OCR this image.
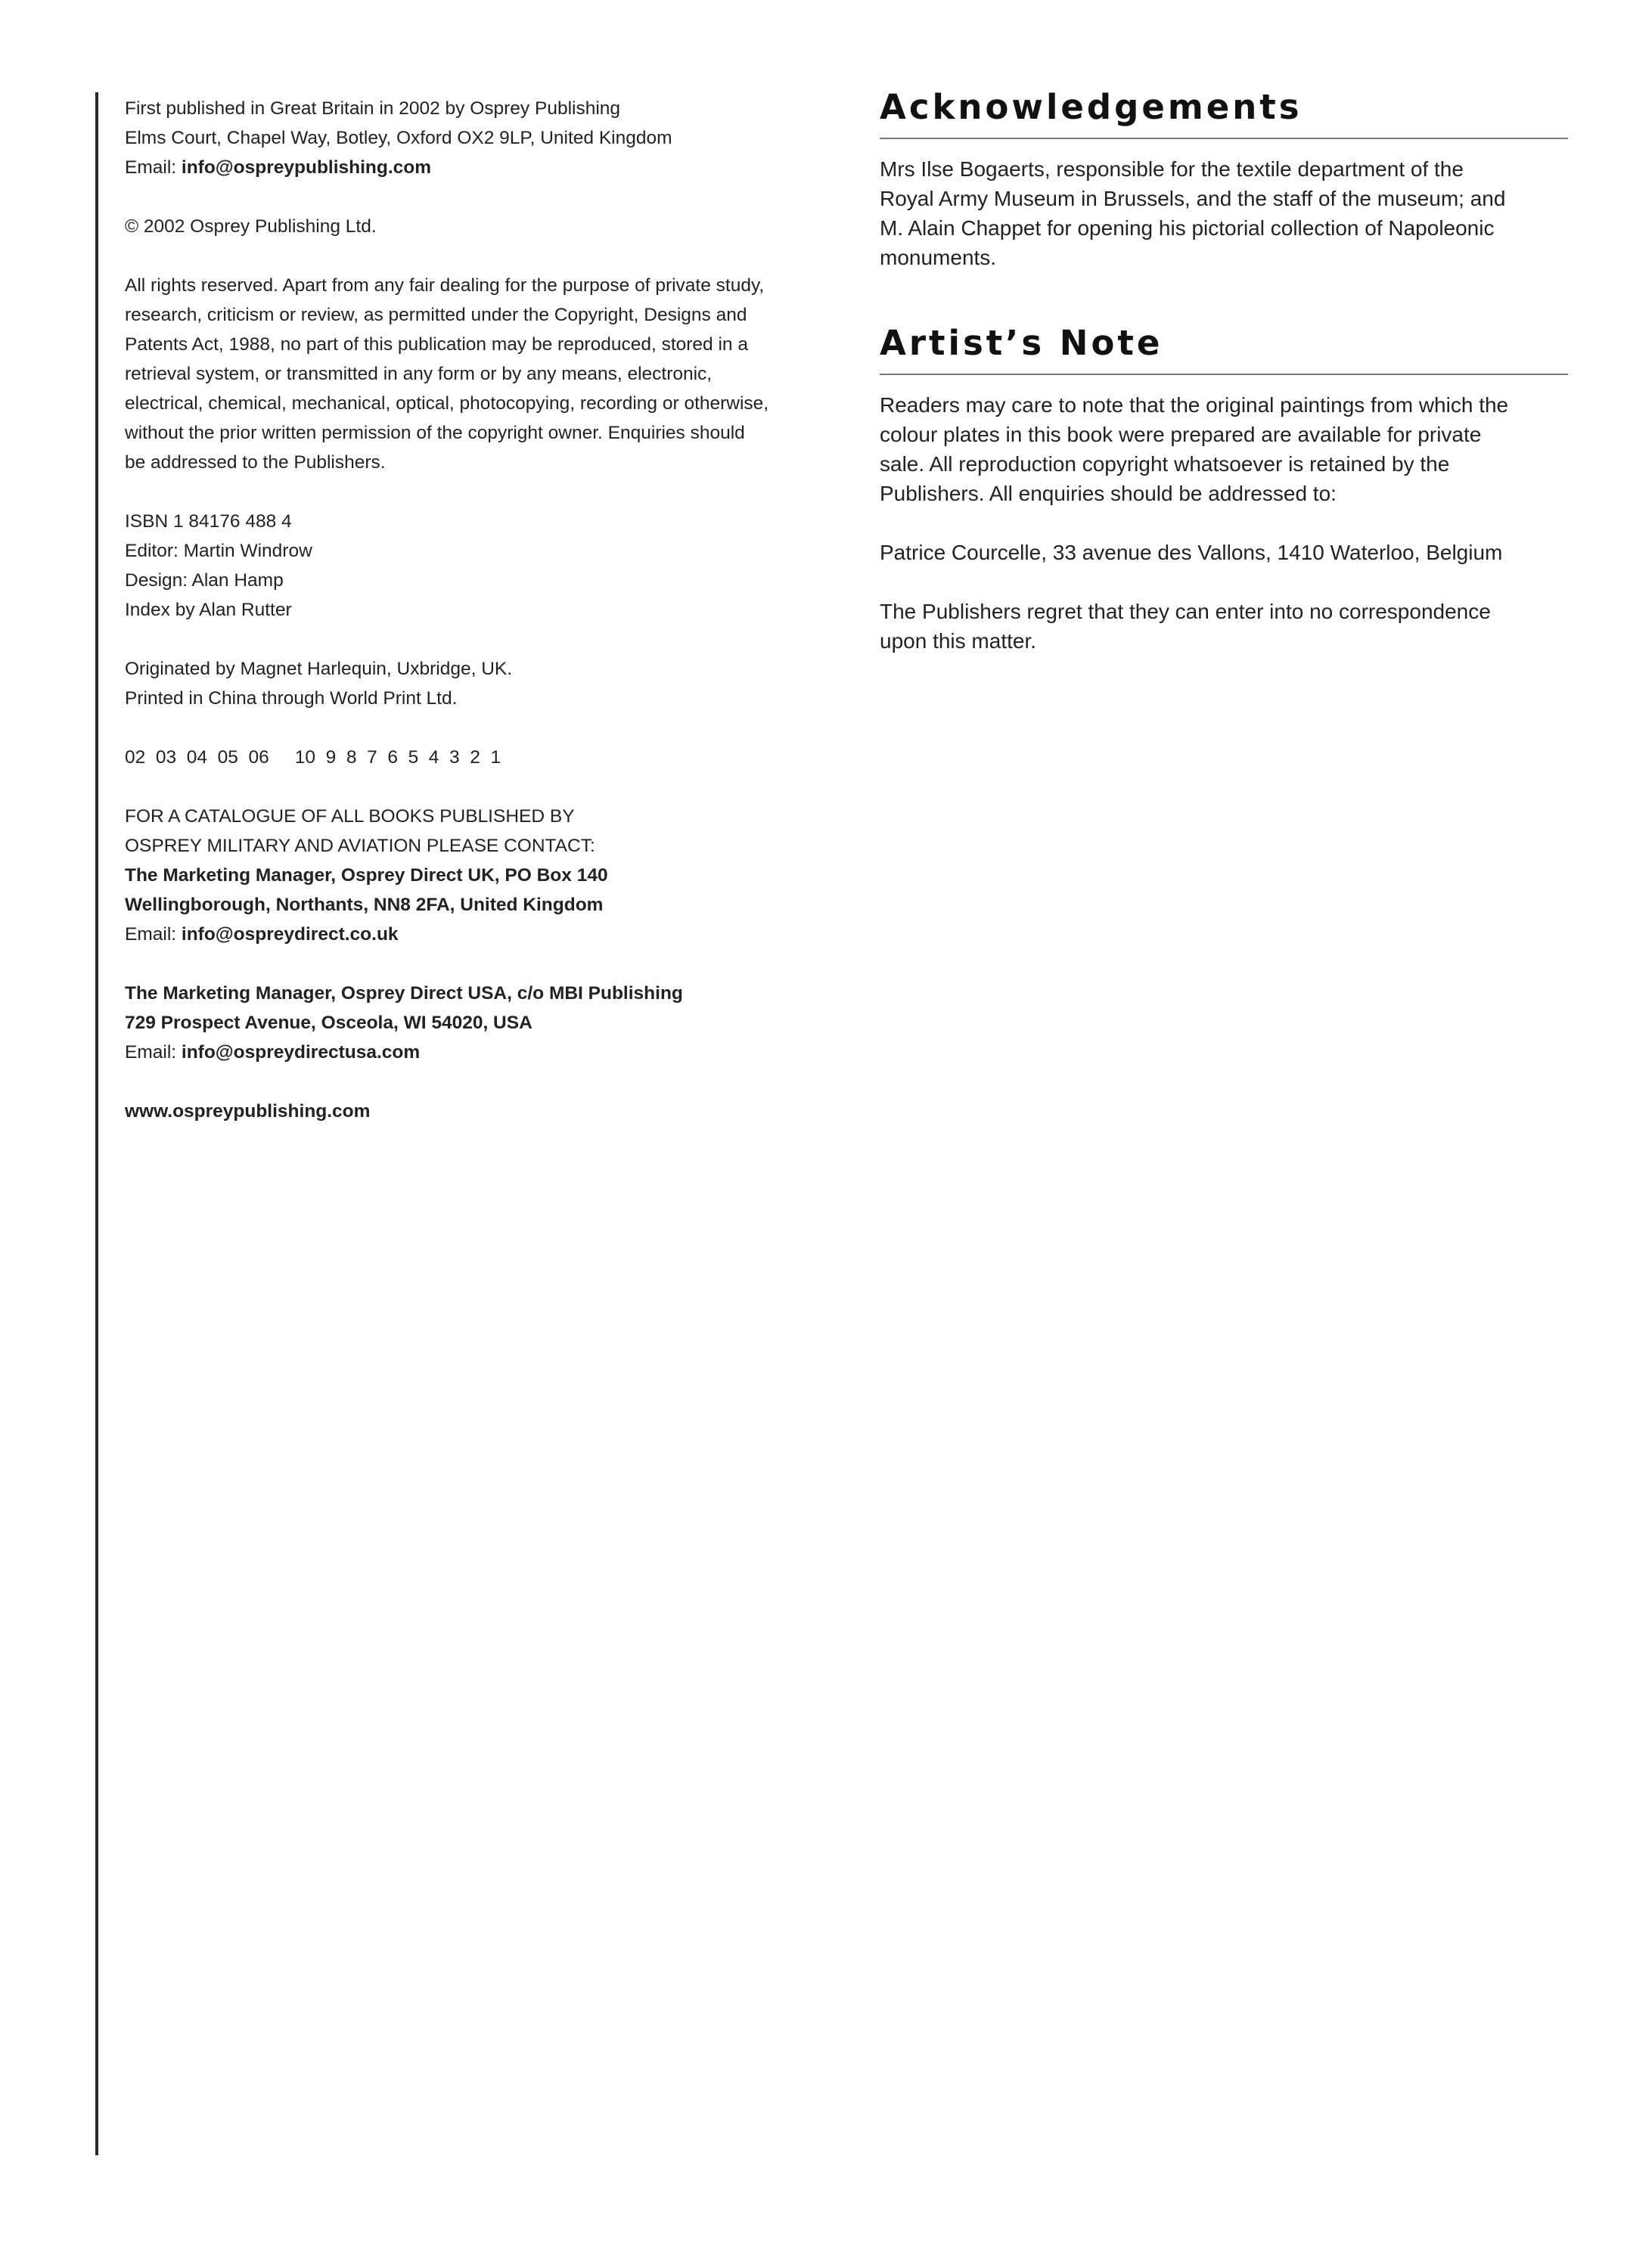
First published in Great Britain in 2002 by Osprey Publishing
Elms Court, Chapel Way, Botley, Oxford OX2 9LP, United Kingdom
Email: info@ospreypublishing.com

© 2002 Osprey Publishing Ltd.

All rights reserved. Apart from any fair dealing for the purpose of private study,
research, criticism or review, as permitted under the Copyright, Designs and
Patents Act, 1988, no part of this publication may be reproduced, stored in a
retrieval system, or transmitted in any form or by any means, electronic,
electrical, chemical, mechanical, optical, photocopying, recording or otherwise,
without the prior written permission of the copyright owner. Enquiries should
be addressed to the Publishers.

ISBN 1 84176 488 4
Editor: Martin Windrow
Design: Alan Hamp
Index by Alan Rutter

Originated by Magnet Harlequin, Uxbridge, UK.
Printed in China through World Print Ltd.

02  03  04  05  06     10  9  8  7  6  5  4  3  2  1

FOR A CATALOGUE OF ALL BOOKS PUBLISHED BY
OSPREY MILITARY AND AVIATION PLEASE CONTACT:
The Marketing Manager, Osprey Direct UK, PO Box 140
Wellingborough, Northants, NN8 2FA, United Kingdom
Email: info@ospreydirect.co.uk

The Marketing Manager, Osprey Direct USA, c/o MBI Publishing
729 Prospect Avenue, Osceola, WI 54020, USA
Email: info@ospreydirectusa.com

www.ospreypublishing.com

Acknowledgements
Mrs Ilse Bogaerts, responsible for the textile department of the
Royal Army Museum in Brussels, and the staff of the museum; and
M. Alain Chappet for opening his pictorial collection of Napoleonic
monuments.
Artist’s Note
Readers may care to note that the original paintings from which the
colour plates in this book were prepared are available for private
sale. All reproduction copyright whatsoever is retained by the
Publishers. All enquiries should be addressed to:
Patrice Courcelle, 33 avenue des Vallons, 1410 Waterloo, Belgium
The Publishers regret that they can enter into no correspondence
upon this matter.
